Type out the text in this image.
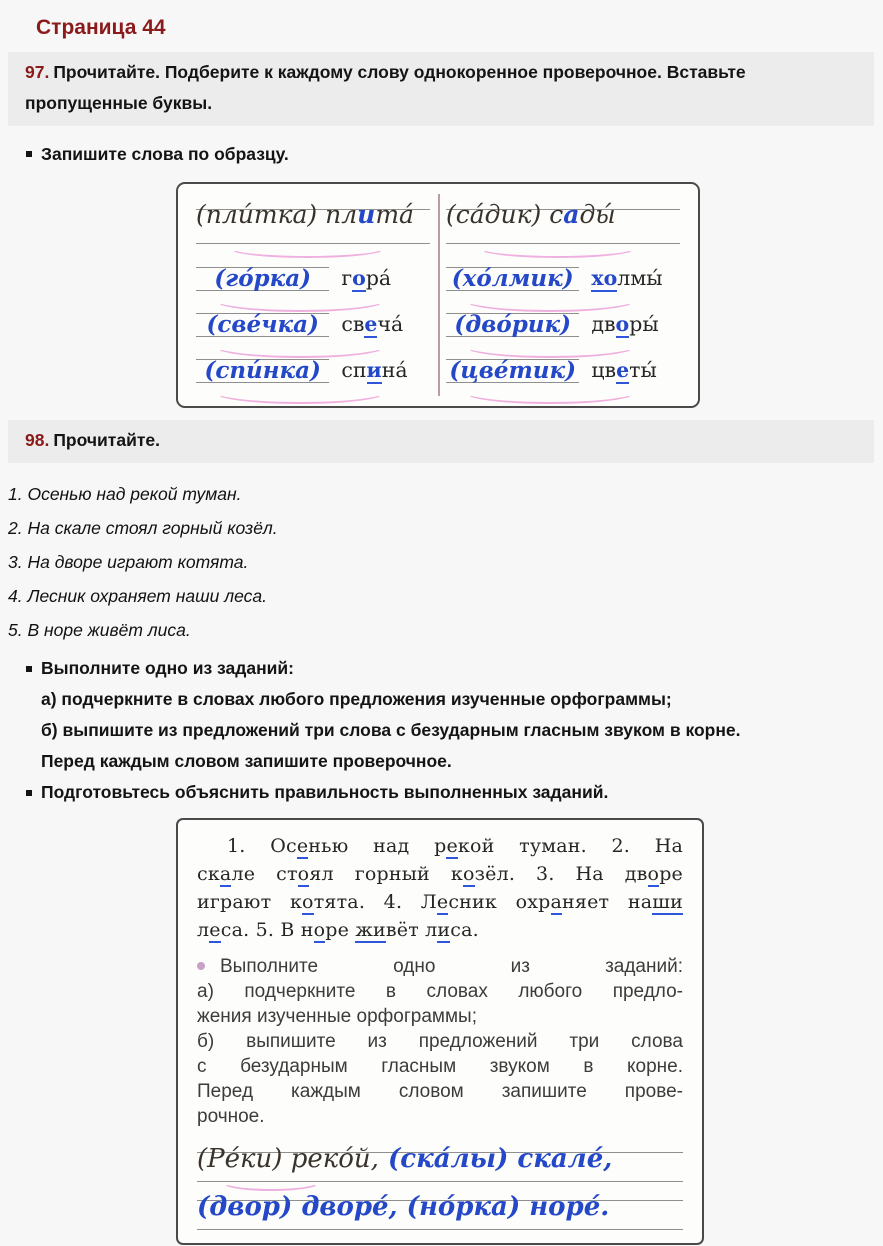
Страница 44
97. Прочитайте. Подберите к каждому слову однокоренное проверочное. Вставьте пропущенные буквы.
Запишите слова по образцу.
(пли́тка) плита́	(са́дик) сады́
(го́рка) гора́	(хо́лмик) холмы́
(све́чка) свеча́ (дво́рик) дворы́
(спи́нка) спина́ (цве́тик) цветы́
98. Прочитайте.
1. Осенью над рекой туман.
2. На скале стоял горный козёл.
3. На дворе играют котята.
4. Лесник охраняет наши леса.
5. В норе живёт лиса.
Выполните одно из заданий:
а) подчеркните в словах любого предложения изученные орфограммы;
б) выпишите из предложений три слова с безударным гласным звуком в корне.
Перед каждым словом запишите проверочное.
Подготовьтесь объяснить правильность выполненных заданий.
1. Осенью над рекой туман. 2. На
скале стоял горный козёл. 3. На дворе
играют котята. 4. Лесник охраняет наши
леса. 5. В норе живёт лиса.
Выполните одно из заданий:
а) подчеркните в словах любого предло-
жения изученные орфограммы;
б) выпишите из предложений три слова
с безударным гласным звуком в корне.
Перед каждым словом запишите прове-
рочное.
(Ре́ки) реко́й, (ска́лы) скале́,
(двор) дворе́, (но́рка) норе́.
